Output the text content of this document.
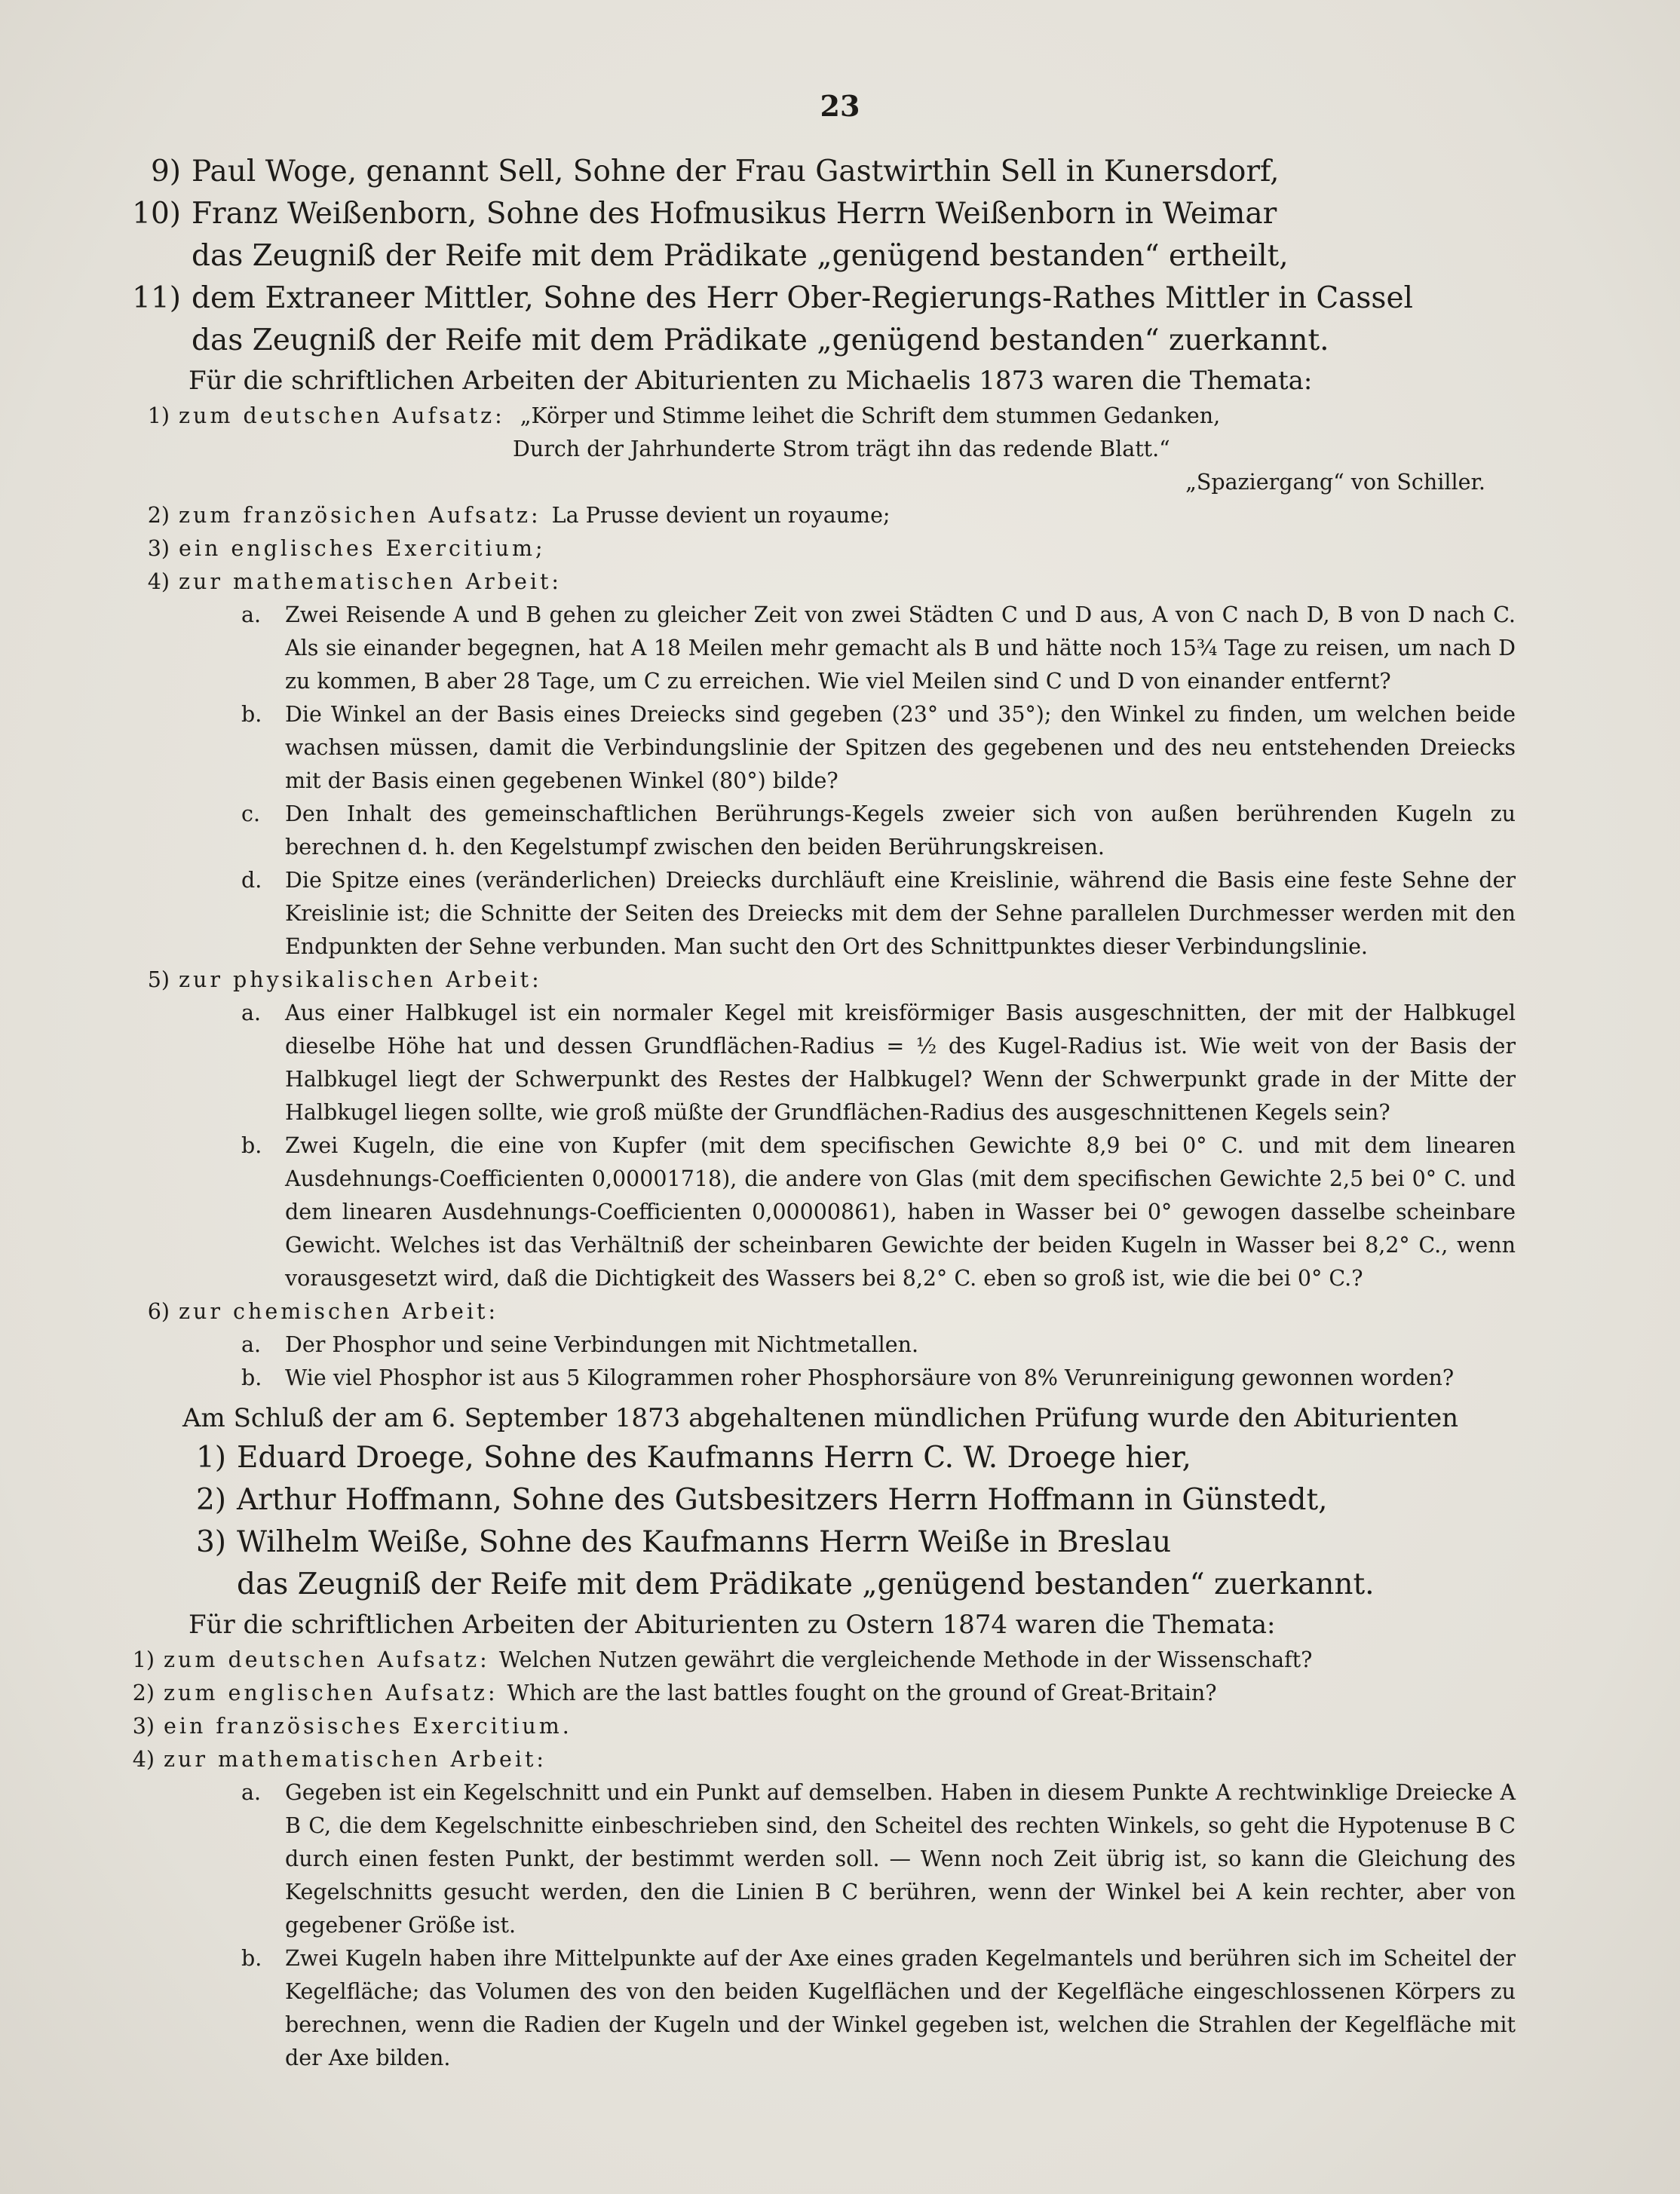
23
9) Paul Woge, genannt Sell, Sohne der Frau Gastwirthin Sell in Kunersdorf,
10) Franz Weißenborn, Sohne des Hofmusikus Herrn Weißenborn in Weimar
das Zeugniß der Reife mit dem Prädikate „genügend bestanden“ ertheilt,
11) dem Extraneer Mittler, Sohne des Herr Ober-Regierungs-Rathes Mittler in Cassel
das Zeugniß der Reife mit dem Prädikate „genügend bestanden“ zuerkannt.
Für die schriftlichen Arbeiten der Abiturienten zu Michaelis 1873 waren die Themata:
1) zum deutschen Aufsatz: „Körper und Stimme leihet die Schrift dem stummen Gedanken,
Durch der Jahrhunderte Strom trägt ihn das redende Blatt.“
„Spaziergang“ von Schiller.
2) zum französichen Aufsatz: La Prusse devient un royaume;
3) ein englisches Exercitium;
4) zur mathematischen Arbeit:
a.	Zwei Reisende A und B gehen zu gleicher Zeit von zwei Städten C und D aus, A von C nach D, B von D nach C. Als sie einander begegnen, hat A 18 Meilen mehr gemacht als B und hätte noch 15¾ Tage zu reisen, um nach D zu kommen, B aber 28 Tage, um C zu erreichen. Wie viel Meilen sind C und D von einander entfernt?
b.	Die Winkel an der Basis eines Dreiecks sind gegeben (23° und 35°); den Winkel zu finden, um welchen beide wachsen müssen, damit die Verbindungslinie der Spitzen des gegebenen und des neu entstehenden Dreiecks mit der Basis einen gegebenen Winkel (80°) bilde?
c.	Den Inhalt des gemeinschaftlichen Berührungs-Kegels zweier sich von außen berührenden Kugeln zu berechnen d. h. den Kegelstumpf zwischen den beiden Berührungskreisen.
d.	Die Spitze eines (veränderlichen) Dreiecks durchläuft eine Kreislinie, während die Basis eine feste Sehne der Kreislinie ist; die Schnitte der Seiten des Dreiecks mit dem der Sehne parallelen Durchmesser werden mit den Endpunkten der Sehne verbunden. Man sucht den Ort des Schnittpunktes dieser Verbindungslinie.
5) zur physikalischen Arbeit:
a.	Aus einer Halbkugel ist ein normaler Kegel mit kreisförmiger Basis ausgeschnitten, der mit der Halbkugel dieselbe Höhe hat und dessen Grundflächen-Radius = ½ des Kugel-Radius ist. Wie weit von der Basis der Halbkugel liegt der Schwerpunkt des Restes der Halbkugel? Wenn der Schwerpunkt grade in der Mitte der Halbkugel liegen sollte, wie groß müßte der Grundflächen-Radius des ausgeschnittenen Kegels sein?
b.	Zwei Kugeln, die eine von Kupfer (mit dem specifischen Gewichte 8,9 bei 0° C. und mit dem linearen Ausdehnungs-Coefficienten 0,00001718), die andere von Glas (mit dem specifischen Gewichte 2,5 bei 0° C. und dem linearen Ausdehnungs-Coefficienten 0,00000861), haben in Wasser bei 0° gewogen dasselbe scheinbare Gewicht. Welches ist das Verhältniß der scheinbaren Gewichte der beiden Kugeln in Wasser bei 8,2° C., wenn vorausgesetzt wird, daß die Dichtigkeit des Wassers bei 8,2° C. eben so groß ist, wie die bei 0° C.?
6) zur chemischen Arbeit:
a.	Der Phosphor und seine Verbindungen mit Nichtmetallen.
b.	Wie viel Phosphor ist aus 5 Kilogrammen roher Phosphorsäure von 8% Verunreinigung gewonnen worden?
Am Schluß der am 6. September 1873 abgehaltenen mündlichen Prüfung wurde den Abiturienten
1) Eduard Droege, Sohne des Kaufmanns Herrn C. W. Droege hier,
2) Arthur Hoffmann, Sohne des Gutsbesitzers Herrn Hoffmann in Günstedt,
3) Wilhelm Weiße, Sohne des Kaufmanns Herrn Weiße in Breslau
das Zeugniß der Reife mit dem Prädikate „genügend bestanden“ zuerkannt.
Für die schriftlichen Arbeiten der Abiturienten zu Ostern 1874 waren die Themata:
1) zum deutschen Aufsatz: Welchen Nutzen gewährt die vergleichende Methode in der Wissenschaft?
2) zum englischen Aufsatz: Which are the last battles fought on the ground of Great-Britain?
3) ein französisches Exercitium.
4) zur mathematischen Arbeit:
a.	Gegeben ist ein Kegelschnitt und ein Punkt auf demselben. Haben in diesem Punkte A rechtwinklige Dreiecke A B C, die dem Kegelschnitte einbeschrieben sind, den Scheitel des rechten Winkels, so geht die Hypotenuse B C durch einen festen Punkt, der bestimmt werden soll. — Wenn noch Zeit übrig ist, so kann die Gleichung des Kegelschnitts gesucht werden, den die Linien B C berühren, wenn der Winkel bei A kein rechter, aber von gegebener Größe ist.
b.	Zwei Kugeln haben ihre Mittelpunkte auf der Axe eines graden Kegelmantels und berühren sich im Scheitel der Kegelfläche; das Volumen des von den beiden Kugelflächen und der Kegelfläche eingeschlossenen Körpers zu berechnen, wenn die Radien der Kugeln und der Winkel gegeben ist, welchen die Strahlen der Kegelfläche mit der Axe bilden.
